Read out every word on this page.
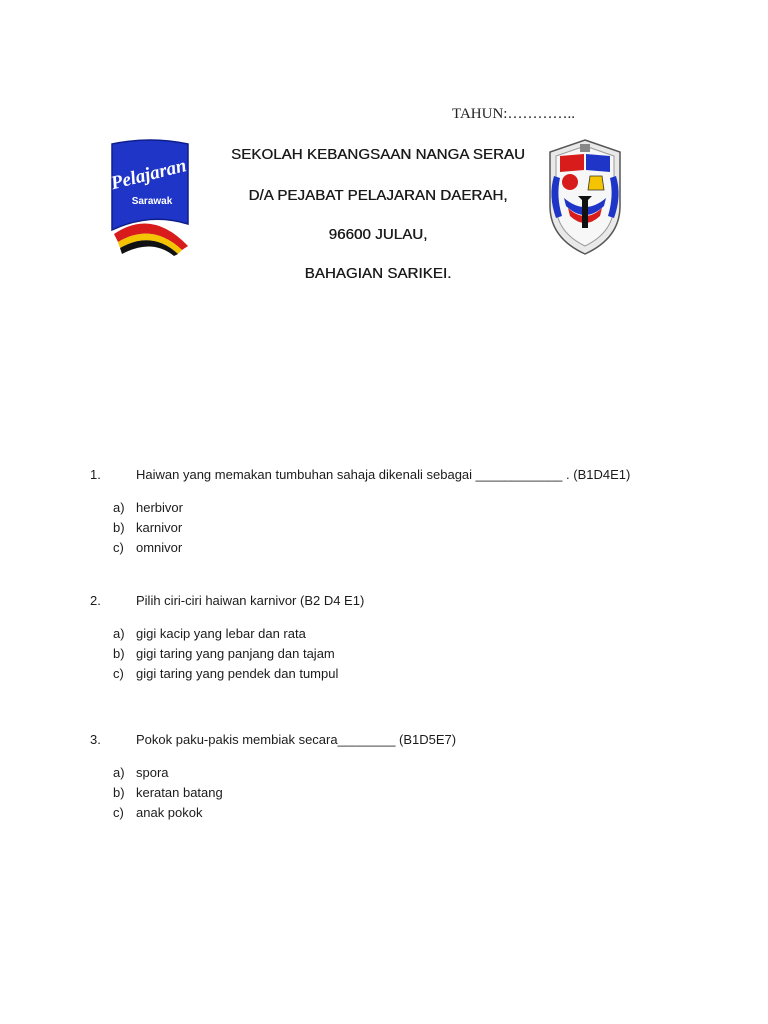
TAHUN:…………..
Pelajaran
Sarawak
SEKOLAH KEBANGSAAN NANGA SERAU
D/A PEJABAT PELAJARAN DAERAH,
96600 JULAU,
BAHAGIAN SARIKEI.
1.	Haiwan yang memakan tumbuhan sahaja dikenali sebagai ____________ . (B1D4E1)
a) herbivor
b) karnivor
c) omnivor
2.	Pilih ciri-ciri haiwan karnivor (B2 D4 E1)
a) gigi kacip yang lebar dan rata
b) gigi taring yang panjang dan tajam
c) gigi taring yang pendek dan tumpul
3.	Pokok paku-pakis membiak secara________ (B1D5E7)
a) spora
b) keratan batang
c) anak pokok
